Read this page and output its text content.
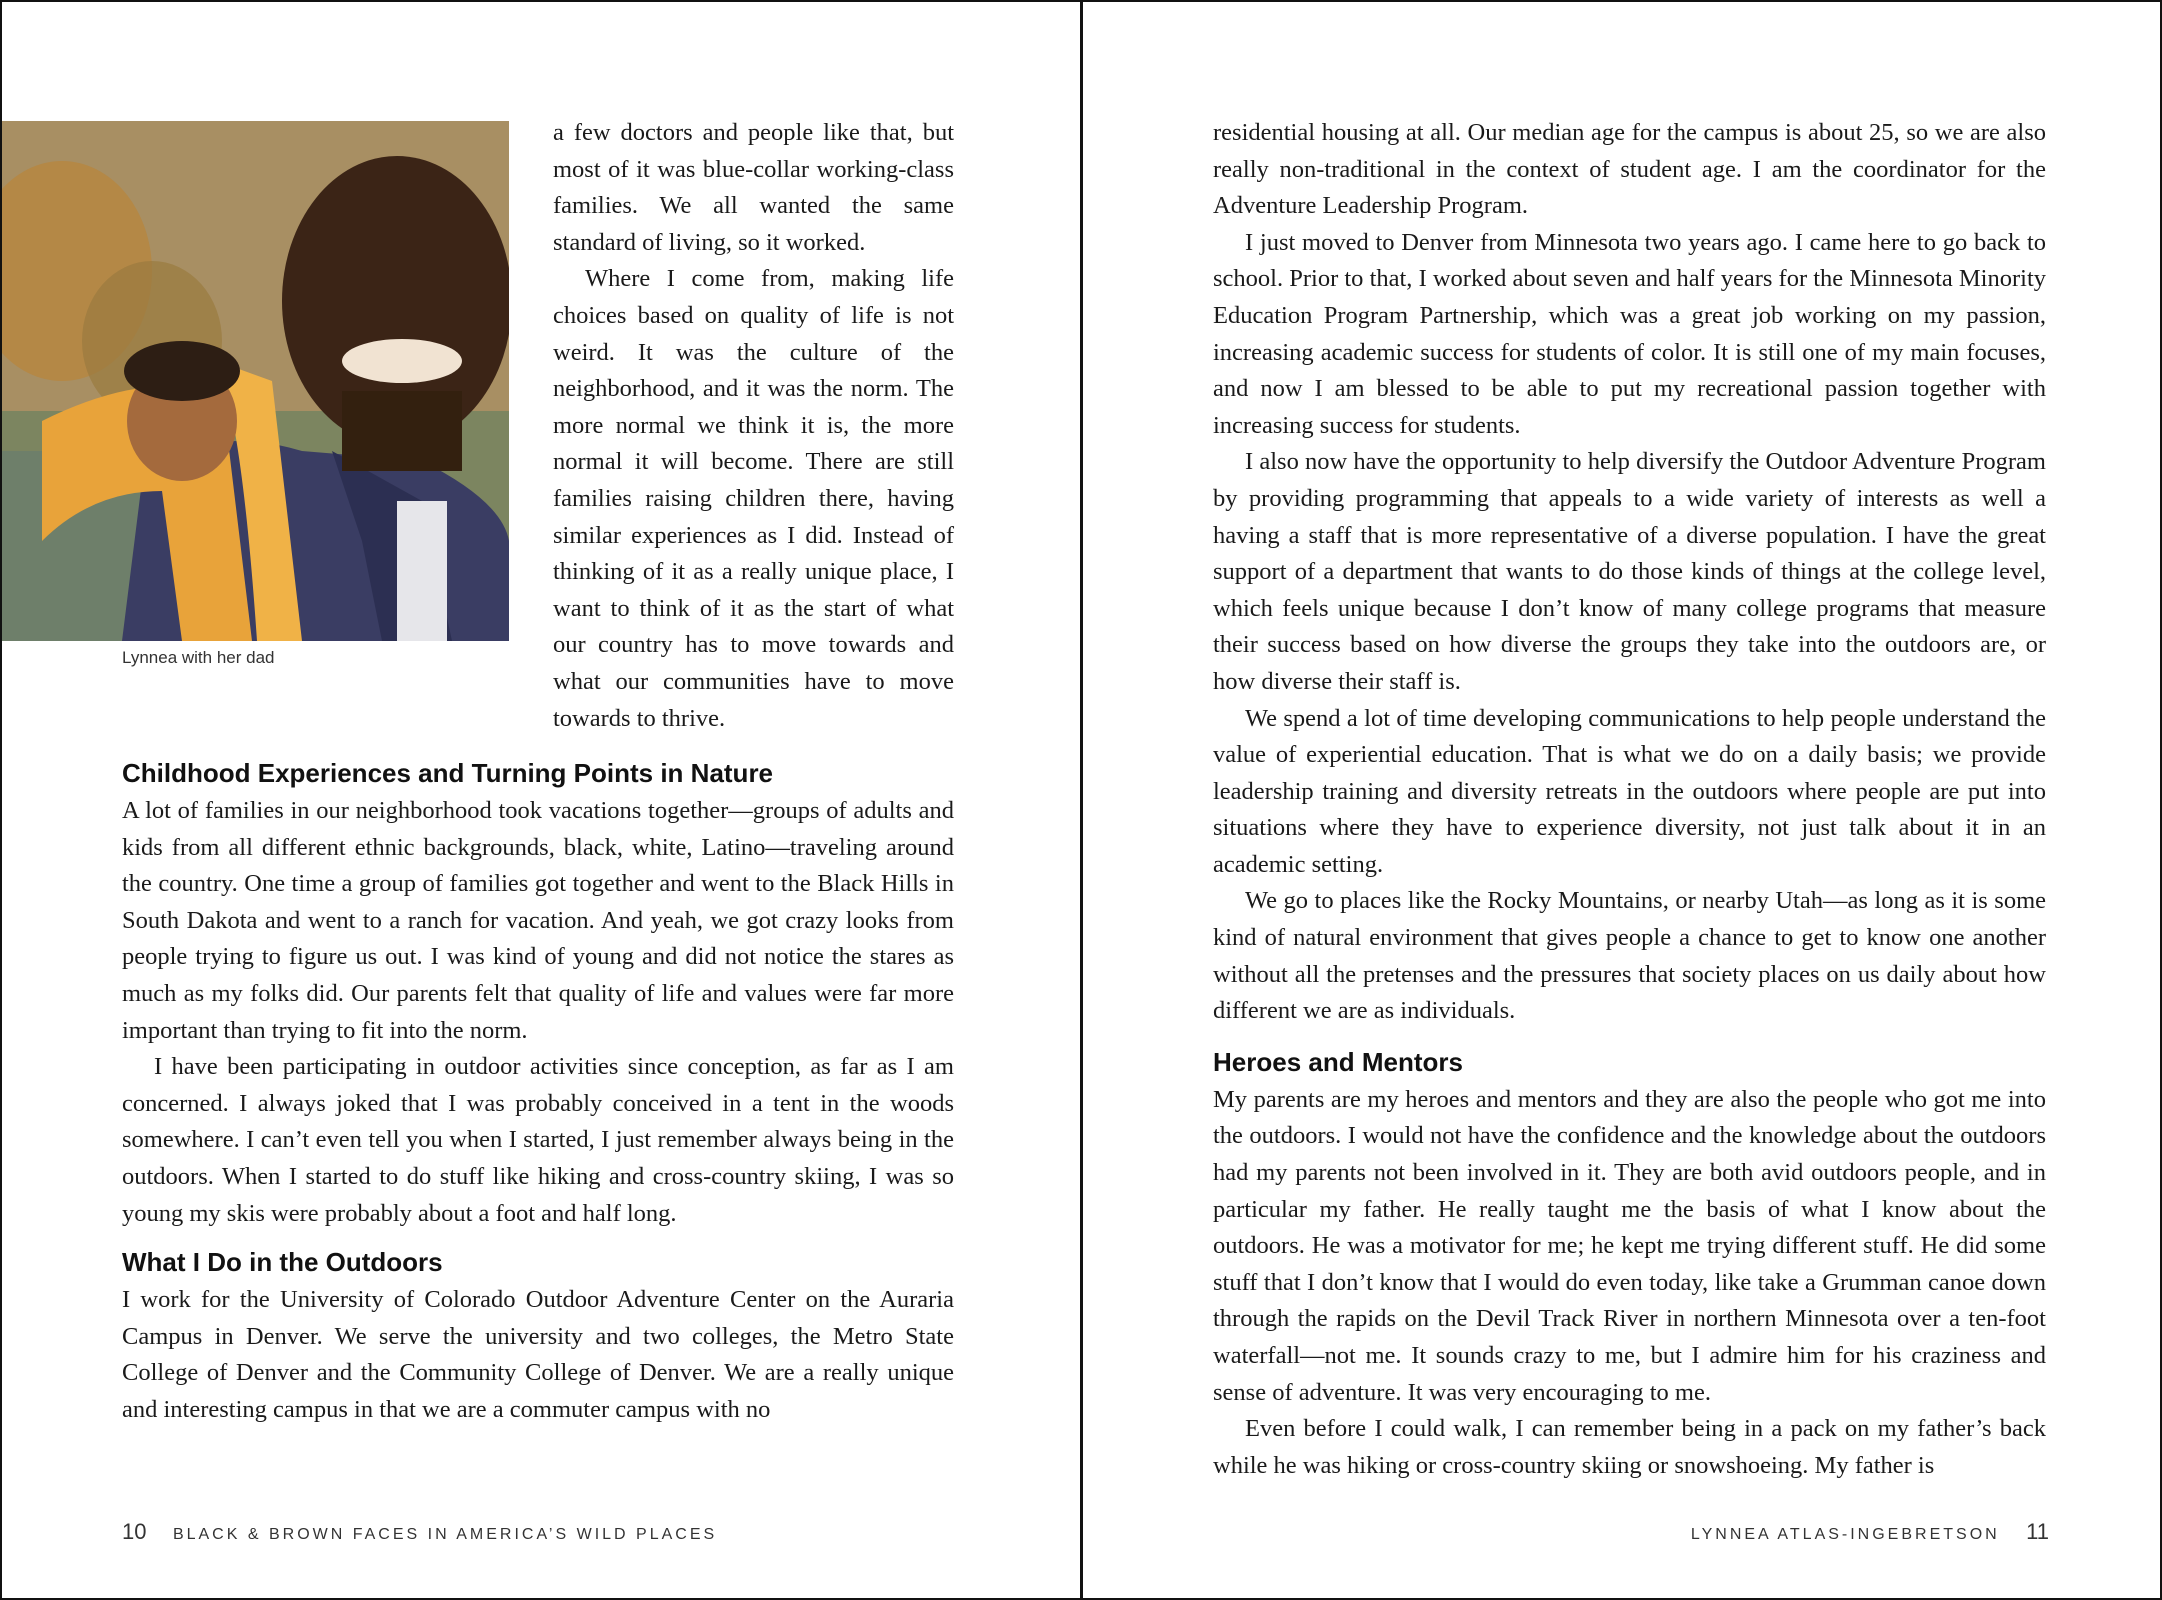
Lynnea with her dad

a few doctors and people like that, but most of it was blue-collar working-class families. We all wanted the same standard of living, so it worked.

Where I come from, making life choices based on quality of life is not weird. It was the culture of the neighborhood, and it was the norm. The more normal we think it is, the more normal it will become. There are still families raising children there, having similar experiences as I did. Instead of thinking of it as a really unique place, I want to think of it as the start of what our country has to move towards and what our communities have to move towards to thrive.

Childhood Experiences and Turning Points in Nature

A lot of families in our neighborhood took vacations together—groups of adults and kids from all different ethnic backgrounds, black, white, Latino—traveling around the country. One time a group of families got together and went to the Black Hills in South Dakota and went to a ranch for vacation. And yeah, we got crazy looks from people trying to figure us out. I was kind of young and did not notice the stares as much as my folks did. Our parents felt that quality of life and values were far more important than trying to fit into the norm.

I have been participating in outdoor activities since conception, as far as I am concerned. I always joked that I was probably conceived in a tent in the woods somewhere. I can’t even tell you when I started, I just remember always being in the outdoors. When I started to do stuff like hiking and cross-country skiing, I was so young my skis were probably about a foot and half long.

What I Do in the Outdoors

I work for the University of Colorado Outdoor Adventure Center on the Auraria Campus in Denver. We serve the university and two colleges, the Metro State College of Denver and the Community College of Denver. We are a really unique and interesting campus in that we are a commuter campus with no

10 BLACK & BROWN FACES IN AMERICA’S WILD PLACES

residential housing at all. Our median age for the campus is about 25, so we are also really non-traditional in the context of student age. I am the coordinator for the Adventure Leadership Program.

I just moved to Denver from Minnesota two years ago. I came here to go back to school. Prior to that, I worked about seven and half years for the Minnesota Minority Education Program Partnership, which was a great job working on my passion, increasing academic success for students of color. It is still one of my main focuses, and now I am blessed to be able to put my recreational passion together with increasing success for students.

I also now have the opportunity to help diversify the Outdoor Adventure Program by providing programming that appeals to a wide variety of interests as well a having a staff that is more representative of a diverse population. I have the great support of a department that wants to do those kinds of things at the college level, which feels unique because I don’t know of many college programs that measure their success based on how diverse the groups they take into the outdoors are, or how diverse their staff is.

We spend a lot of time developing communications to help people understand the value of experiential education. That is what we do on a daily basis; we provide leadership training and diversity retreats in the outdoors where people are put into situations where they have to experience diversity, not just talk about it in an academic setting.

We go to places like the Rocky Mountains, or nearby Utah—as long as it is some kind of natural environment that gives people a chance to get to know one another without all the pretenses and the pressures that society places on us daily about how different we are as individuals.

Heroes and Mentors

My parents are my heroes and mentors and they are also the people who got me into the outdoors. I would not have the confidence and the knowledge about the outdoors had my parents not been involved in it. They are both avid outdoors people, and in particular my father. He really taught me the basis of what I know about the outdoors. He was a motivator for me; he kept me trying different stuff. He did some stuff that I don’t know that I would do even today, like take a Grumman canoe down through the rapids on the Devil Track River in northern Minnesota over a ten-foot waterfall—not me. It sounds crazy to me, but I admire him for his craziness and sense of adventure. It was very encouraging to me.

Even before I could walk, I can remember being in a pack on my father’s back while he was hiking or cross-country skiing or snowshoeing. My father is

LYNNEA ATLAS-INGEBRETSON 11
